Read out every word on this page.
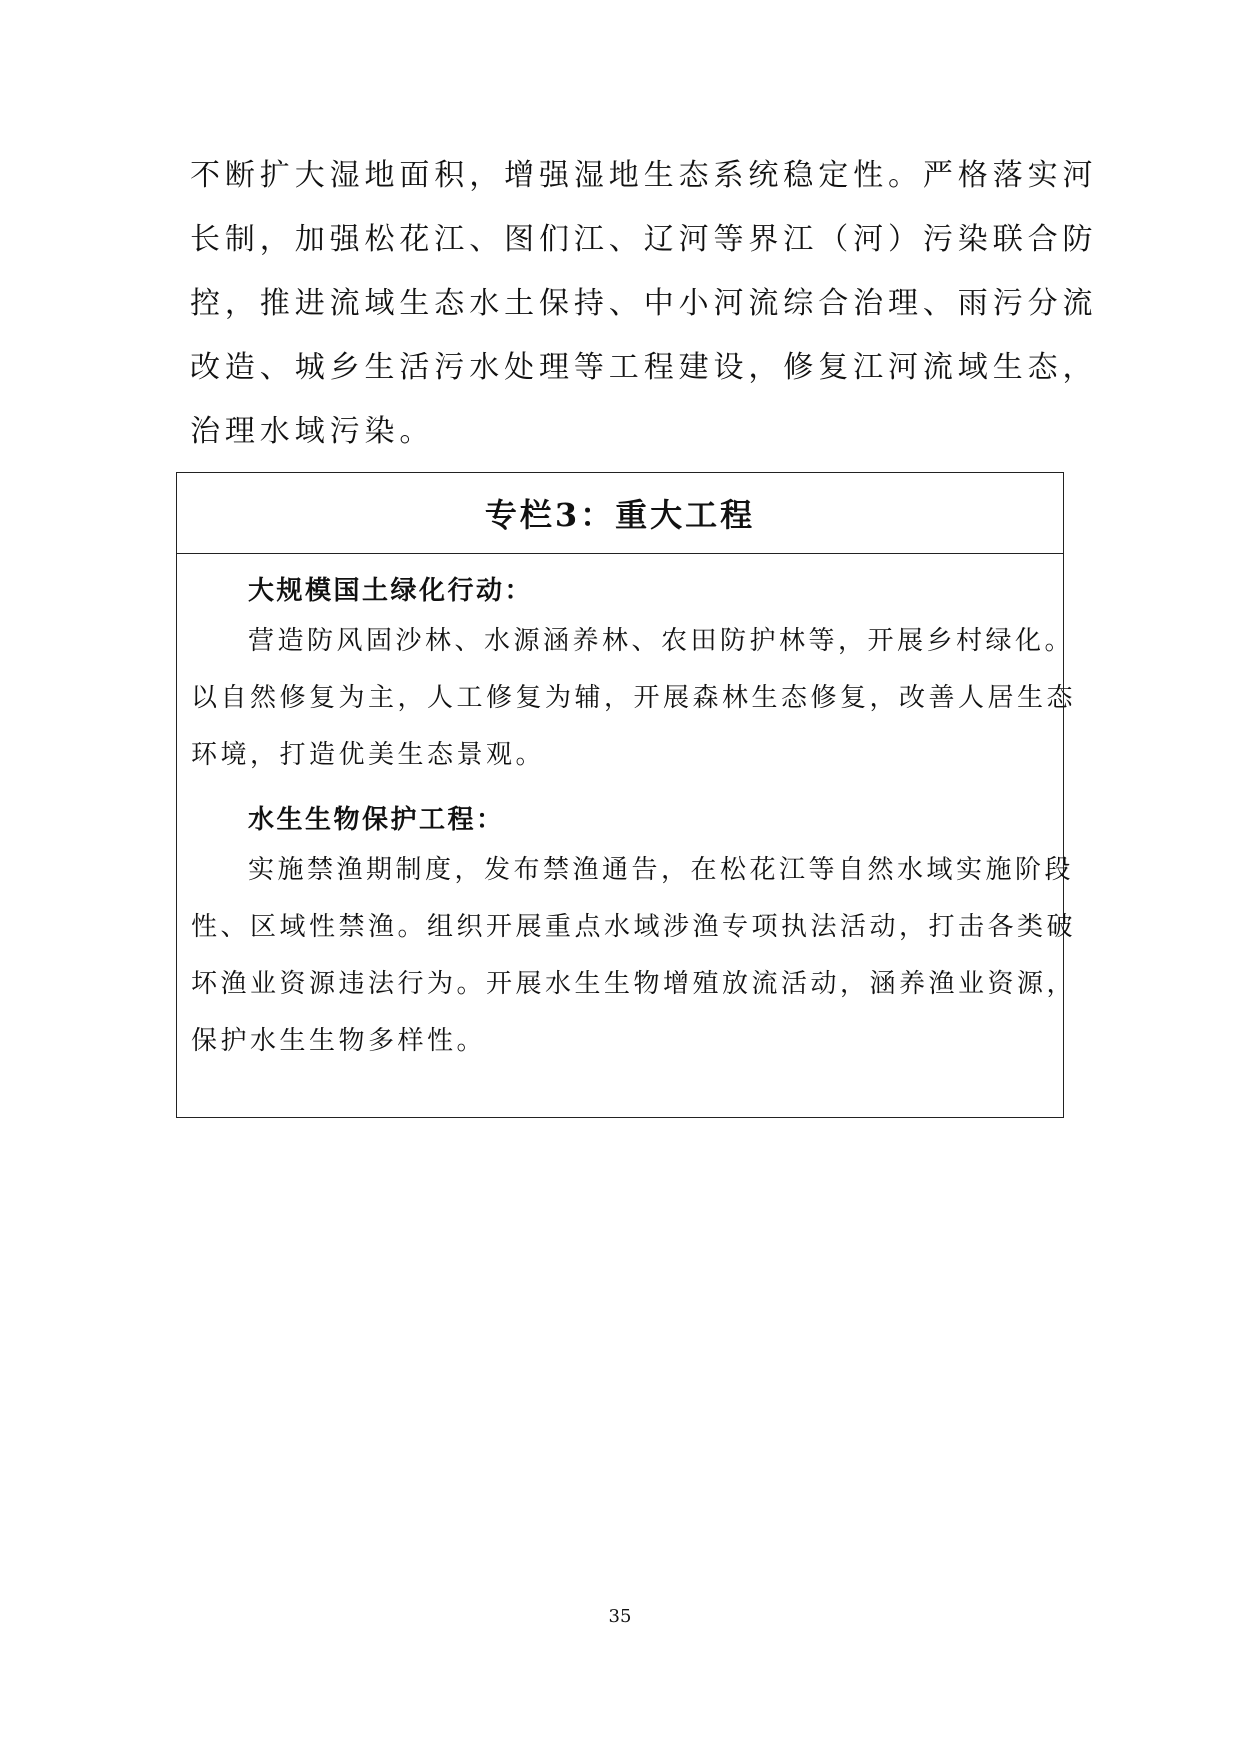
不断扩大湿地面积，增强湿地生态系统稳定性。严格落实河
长制，加强松花江、图们江、辽河等界江（河）污染联合防
控，推进流域生态水土保持、中小河流综合治理、雨污分流
改造、城乡生活污水处理等工程建设，修复江河流域生态，
治理水域污染。

专栏3：重大工程
大规模国土绿化行动：

营造防风固沙林、水源涵养林、农田防护林等，开展乡村绿化。
以自然修复为主，人工修复为辅，开展森林生态修复，改善人居生态
环境，打造优美生态景观。

水生生物保护工程：

实施禁渔期制度，发布禁渔通告，在松花江等自然水域实施阶段
性、区域性禁渔。组织开展重点水域涉渔专项执法活动，打击各类破
坏渔业资源违法行为。开展水生生物增殖放流活动，涵养渔业资源，
保护水生生物多样性。

35
